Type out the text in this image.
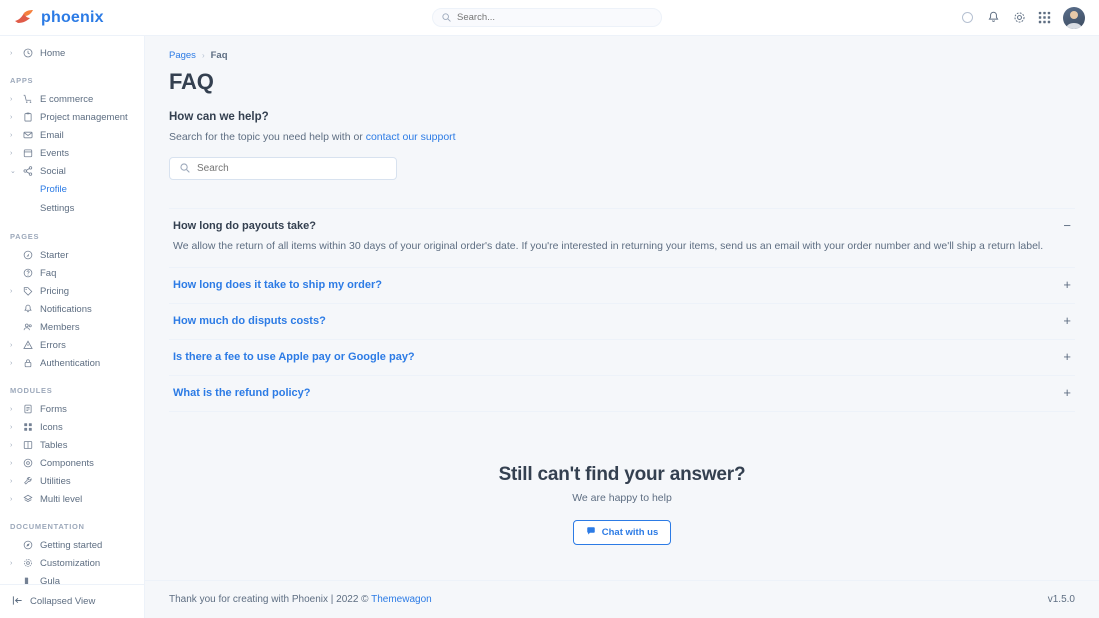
phoenix
Search...
›	Home
APPS
›	E commerce
›	Project management
›	Email
›	Events
⌄	Social
Profile
Settings
PAGES
Starter
Faq
›	Pricing
Notifications
Members
›	Errors
›	Authentication
MODULES
›	Forms
›	Icons
›	Tables
›	Components
›	Utilities
›	Multi level
DOCUMENTATION
Getting started
›	Customization
Gula
Collapsed View
Pages › Faq
FAQ
How can we help?
Search for the topic you need help with or contact our support
Search
How long do payouts take?
We allow the return of all items within 30 days of your original order's date. If you're interested in returning your items, send us an email with your order number and we'll ship a return label.
−
How long does it take to ship my order?	+
How much do disputs costs?	+
Is there a fee to use Apple pay or Google pay?	+
What is the refund policy?	+
Still can't find your answer?
We are happy to help
Chat with us
Thank you for creating with Phoenix | 2022 © Themewagon	v1.5.0
